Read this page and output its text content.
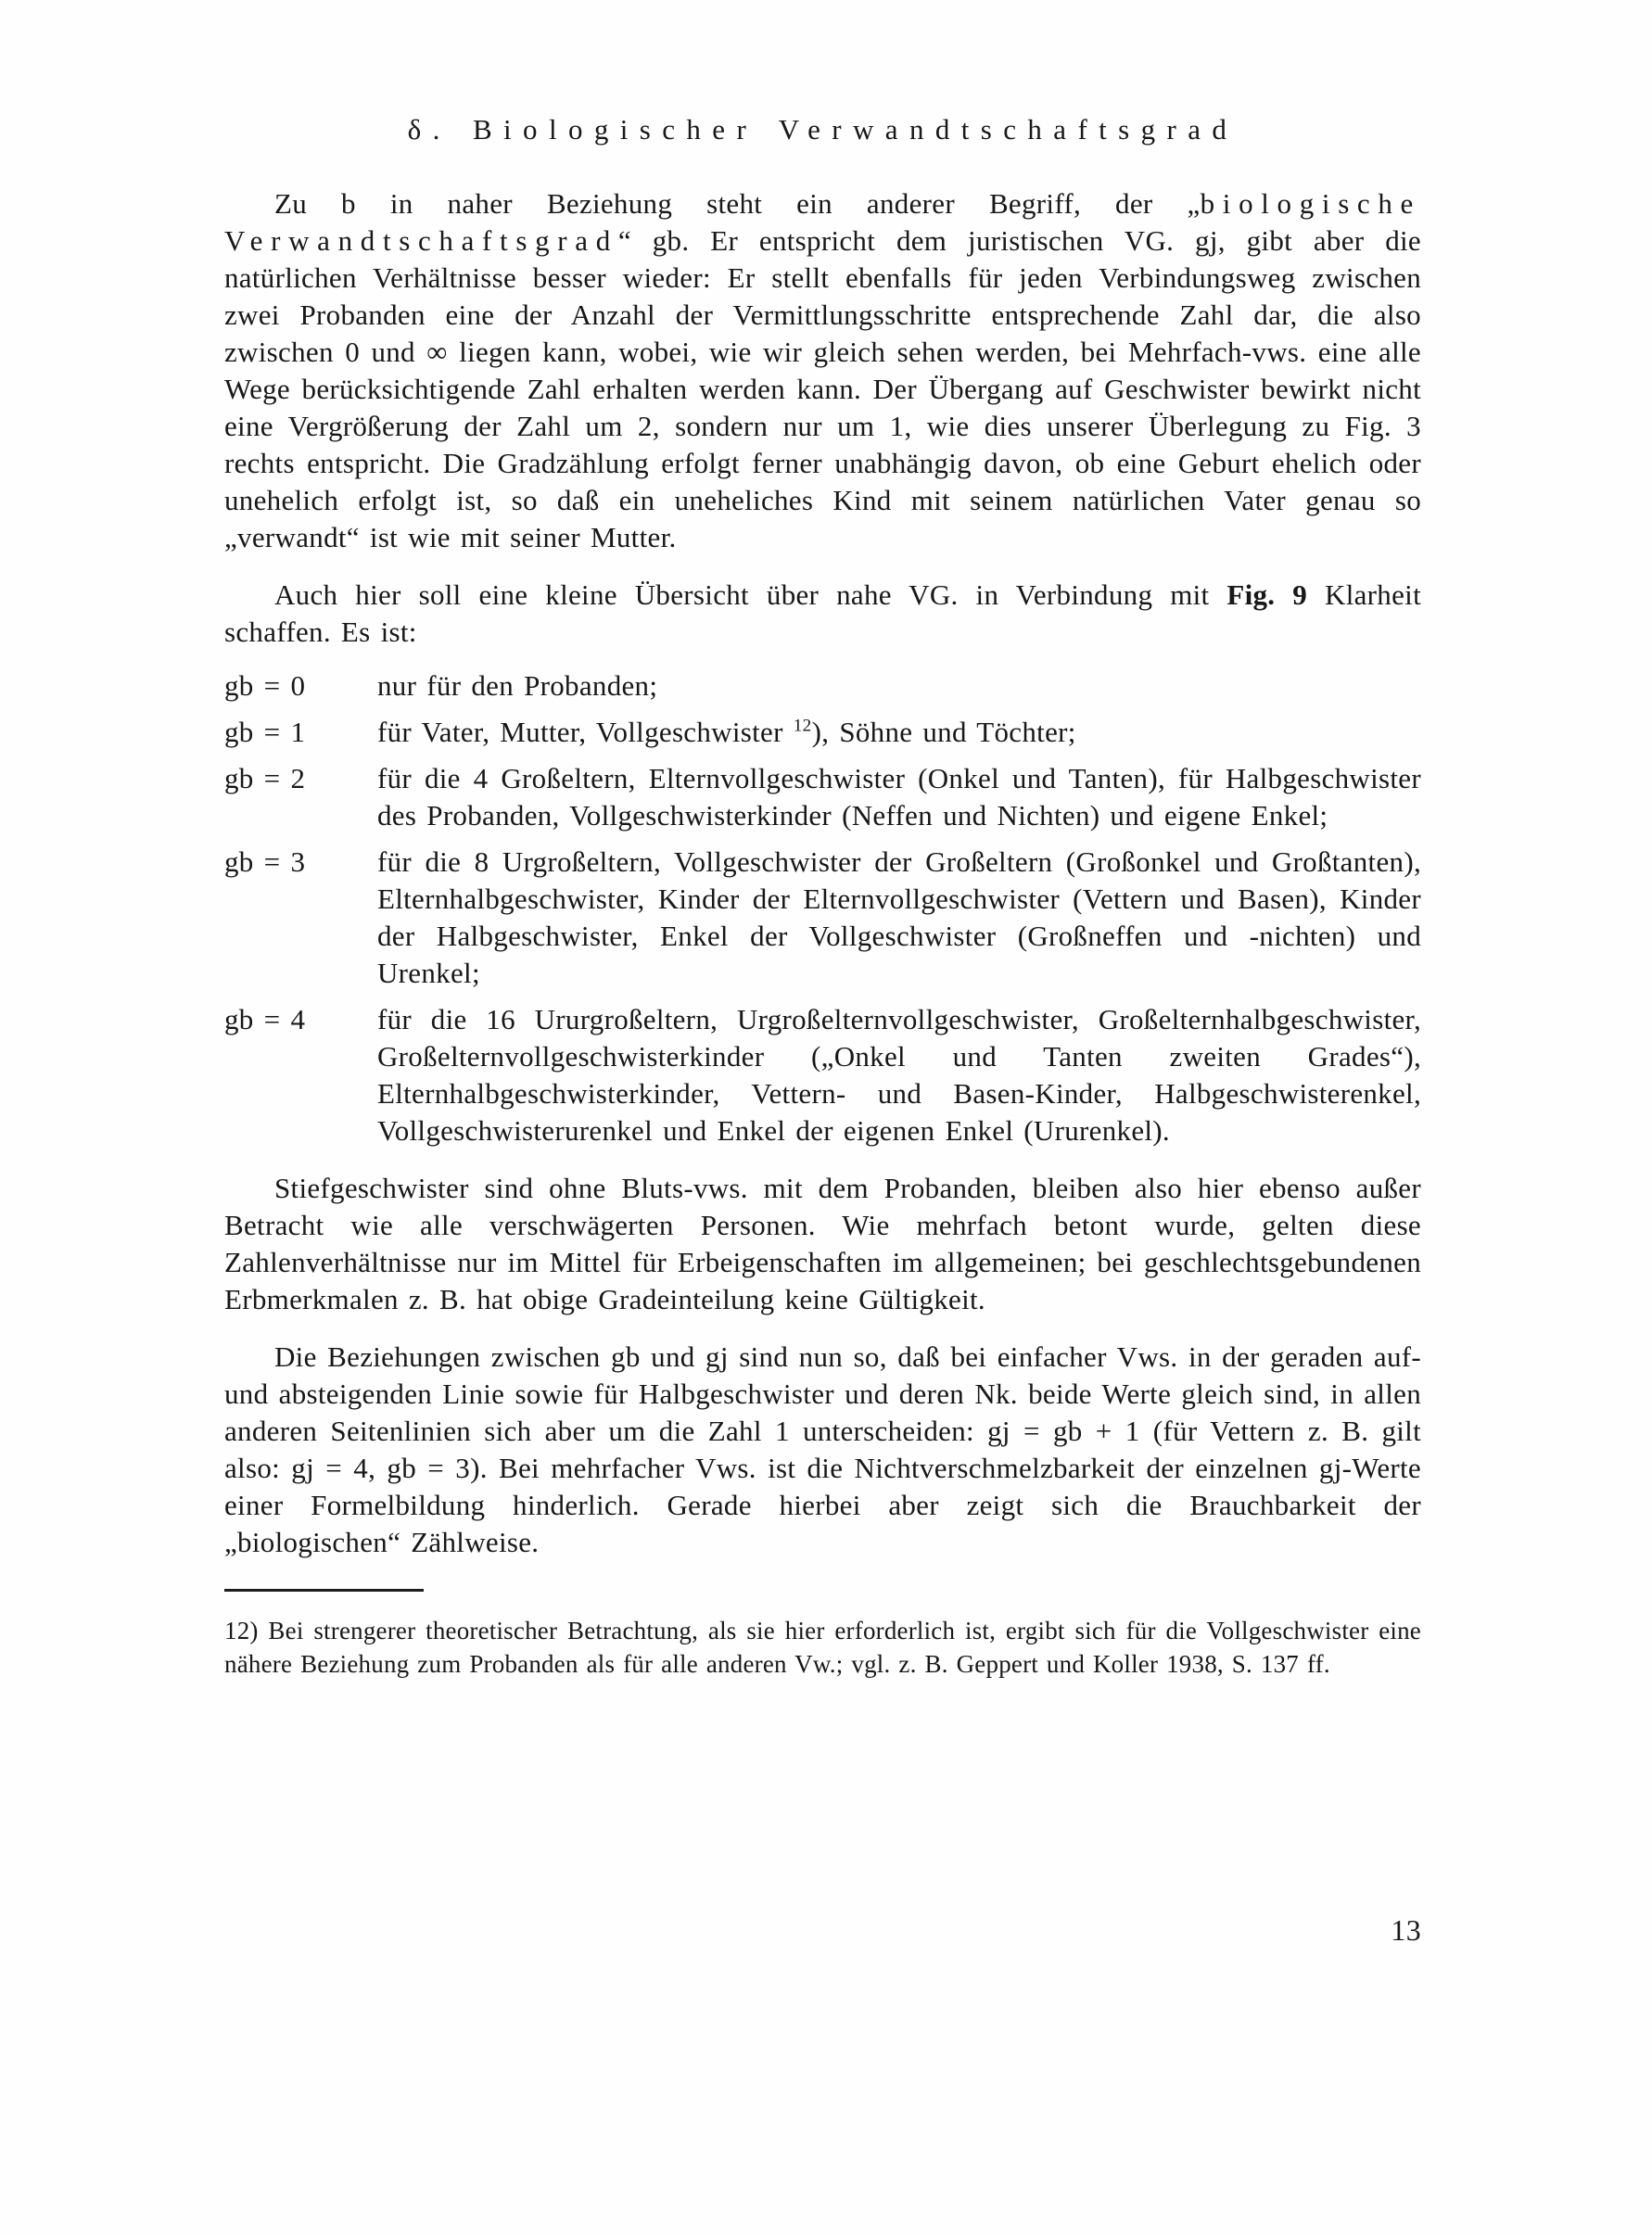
δ. Biologischer Verwandtschaftsgrad

Zu b in naher Beziehung steht ein anderer Begriff, der „biologische Verwandtschaftsgrad“ gb. Er entspricht dem juristischen VG. gj, gibt aber die natürlichen Verhältnisse besser wieder: Er stellt ebenfalls für jeden Verbindungsweg zwischen zwei Probanden eine der Anzahl der Vermittlungsschritte entsprechende Zahl dar, die also zwischen 0 und ∞ liegen kann, wobei, wie wir gleich sehen werden, bei Mehrfach-vws. eine alle Wege berücksichtigende Zahl erhalten werden kann. Der Übergang auf Geschwister bewirkt nicht eine Vergrößerung der Zahl um 2, sondern nur um 1, wie dies unserer Überlegung zu Fig. 3 rechts entspricht. Die Gradzählung erfolgt ferner unabhängig davon, ob eine Geburt ehelich oder unehelich erfolgt ist, so daß ein uneheliches Kind mit seinem natürlichen Vater genau so „verwandt“ ist wie mit seiner Mutter.

Auch hier soll eine kleine Übersicht über nahe VG. in Verbindung mit Fig. 9 Klarheit schaffen. Es ist:

gb = 0	nur für den Probanden;
gb = 1	für Vater, Mutter, Vollgeschwister $^{12}$), Söhne und Töchter;
gb = 2	für die 4 Großeltern, Elternvollgeschwister (Onkel und Tanten), für Halbgeschwister des Probanden, Vollgeschwisterkinder (Neffen und Nichten) und eigene Enkel;
gb = 3	für die 8 Urgroßeltern, Vollgeschwister der Großeltern (Großonkel und Großtanten), Elternhalbgeschwister, Kinder der Elternvollgeschwister (Vettern und Basen), Kinder der Halbgeschwister, Enkel der Vollgeschwister (Großneffen und -nichten) und Urenkel;
gb = 4	für die 16 Ururgroßeltern, Urgroßelternvollgeschwister, Großelternhalbgeschwister, Großelternvollgeschwisterkinder („Onkel und Tanten zweiten Grades“), Elternhalbgeschwisterkinder, Vettern- und Basen-Kinder, Halbgeschwisterenkel, Vollgeschwisterurenkel und Enkel der eigenen Enkel (Ururenkel).

Stiefgeschwister sind ohne Bluts-vws. mit dem Probanden, bleiben also hier ebenso außer Betracht wie alle verschwägerten Personen. Wie mehrfach betont wurde, gelten diese Zahlenverhältnisse nur im Mittel für Erbeigenschaften im allgemeinen; bei geschlechtsgebundenen Erbmerkmalen z. B. hat obige Gradeinteilung keine Gültigkeit.

Die Beziehungen zwischen gb und gj sind nun so, daß bei einfacher Vws. in der geraden auf- und absteigenden Linie sowie für Halbgeschwister und deren Nk. beide Werte gleich sind, in allen anderen Seitenlinien sich aber um die Zahl 1 unterscheiden: gj = gb + 1 (für Vettern z. B. gilt also: gj = 4, gb = 3). Bei mehrfacher Vws. ist die Nichtverschmelzbarkeit der einzelnen gj-Werte einer Formelbildung hinderlich. Gerade hierbei aber zeigt sich die Brauchbarkeit der „biologischen“ Zählweise.

12) Bei strengerer theoretischer Betrachtung, als sie hier erforderlich ist, ergibt sich für die Vollgeschwister eine nähere Beziehung zum Probanden als für alle anderen Vw.; vgl. z. B. Geppert und Koller 1938, S. 137 ff.
13
